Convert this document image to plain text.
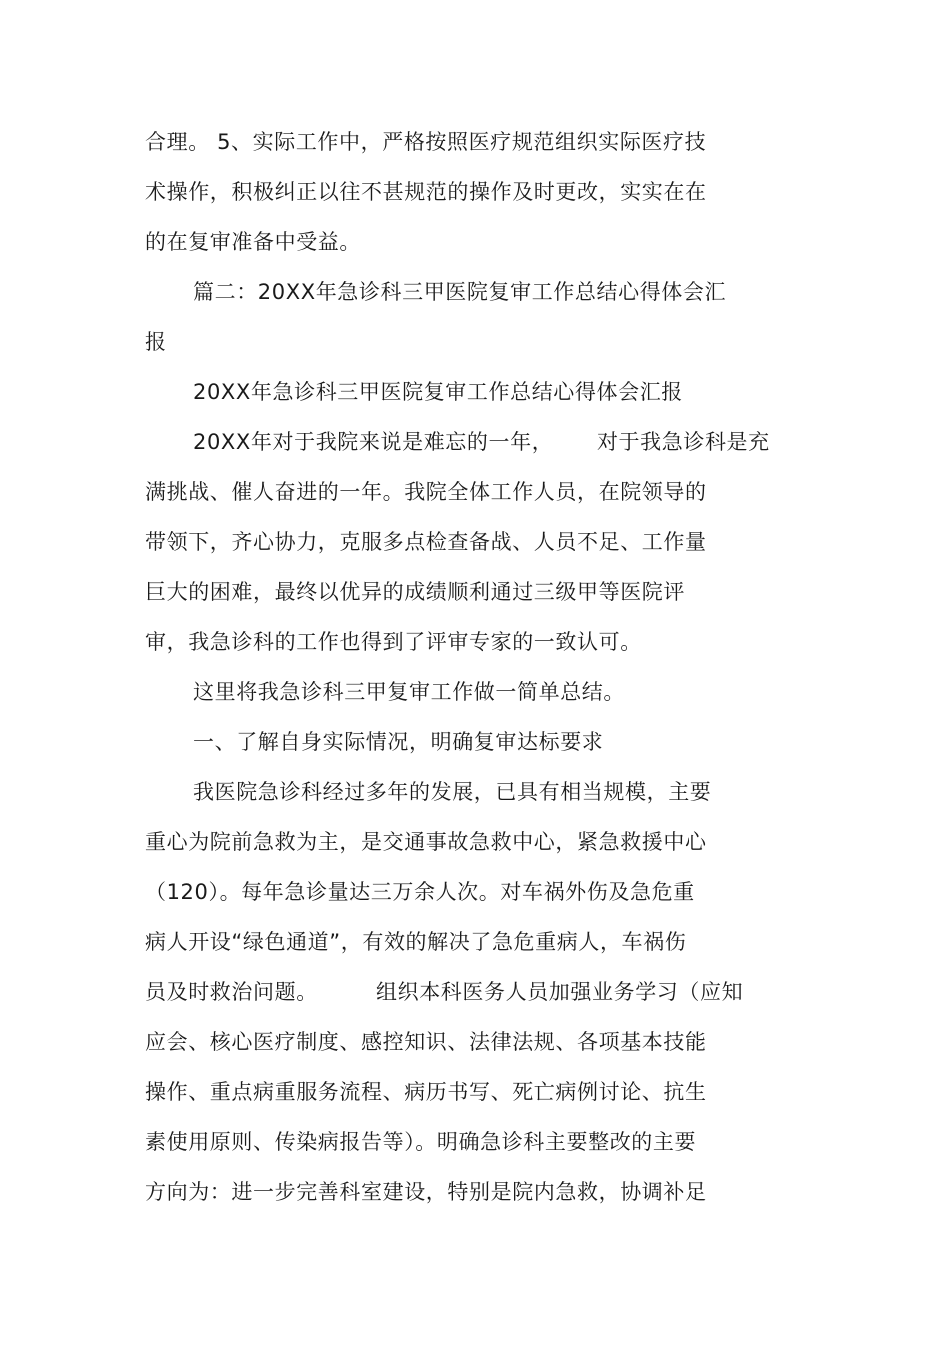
合理。 5、实际工作中，严格按照医疗规范组织实际医疗技
术操作，积极纠正以往不甚规范的操作及时更改，实实在在
的在复审准备中受益。
篇二：20XX年急诊科三甲医院复审工作总结心得体会汇
报
20XX年急诊科三甲医院复审工作总结心得体会汇报
20XX年对于我院来说是难忘的一年，      对于我急诊科是充
满挑战、催人奋进的一年。我院全体工作人员，在院领导的
带领下，齐心协力，克服多点检查备战、人员不足、工作量
巨大的困难，最终以优异的成绩顺利通过三级甲等医院评
审，我急诊科的工作也得到了评审专家的一致认可。
这里将我急诊科三甲复审工作做一简单总结。
一、了解自身实际情况，明确复审达标要求
我医院急诊科经过多年的发展，已具有相当规模，主要
重心为院前急救为主，是交通事故急救中心，紧急救援中心
（120）。每年急诊量达三万余人次。对车祸外伤及急危重
病人开设“绿色通道”，有效的解决了急危重病人，车祸伤
员及时救治问题。        组织本科医务人员加强业务学习（应知
应会、核心医疗制度、感控知识、法律法规、各项基本技能
操作、重点病重服务流程、病历书写、死亡病例讨论、抗生
素使用原则、传染病报告等）。明确急诊科主要整改的主要
方向为：进一步完善科室建设，特别是院内急救，协调补足
